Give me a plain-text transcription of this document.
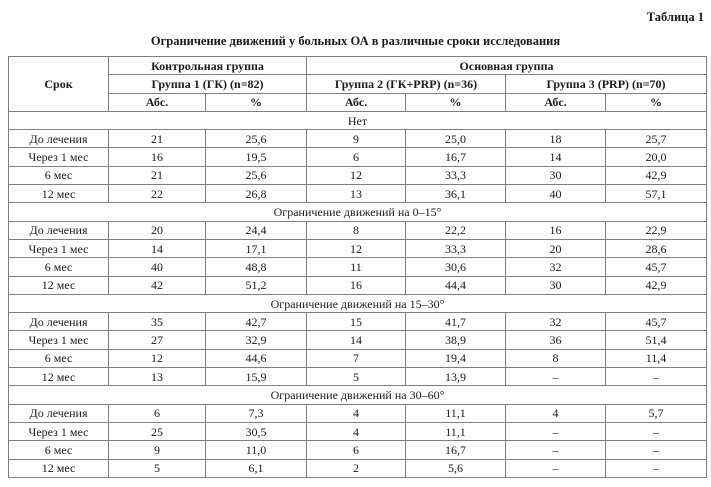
Таблица 1
Ограничение движений у больных ОА в различные сроки исследования
Срок	Контрольная группа		Основная группа			
	Группа 1 (ГК) (n=82)		Группа 2 (ГК+PRP) (n=36)		Группа 3 (PRP) (n=70)	
	Абс.	%	Абс.	%	Абс.	%
Нет						
До лечения	21	25,6	9	25,0	18	25,7
Через 1 мес	16	19,5	6	16,7	14	20,0
6 мес	21	25,6	12	33,3	30	42,9
12 мес	22	26,8	13	36,1	40	57,1
Ограничение движений на 0–15°						
До лечения	20	24,4	8	22,2	16	22,9
Через 1 мес	14	17,1	12	33,3	20	28,6
6 мес	40	48,8	11	30,6	32	45,7
12 мес	42	51,2	16	44,4	30	42,9
Ограничение движений на 15–30°						
До лечения	35	42,7	15	41,7	32	45,7
Через 1 мес	27	32,9	14	38,9	36	51,4
6 мес	12	44,6	7	19,4	8	11,4
12 мес	13	15,9	5	13,9	–	–
Ограничение движений на 30–60°						
До лечения	6	7,3	4	11,1	4	5,7
Через 1 мес	25	30,5	4	11,1	–	–
6 мес	9	11,0	6	16,7	–	–
12 мес	5	6,1	2	5,6	–	–
